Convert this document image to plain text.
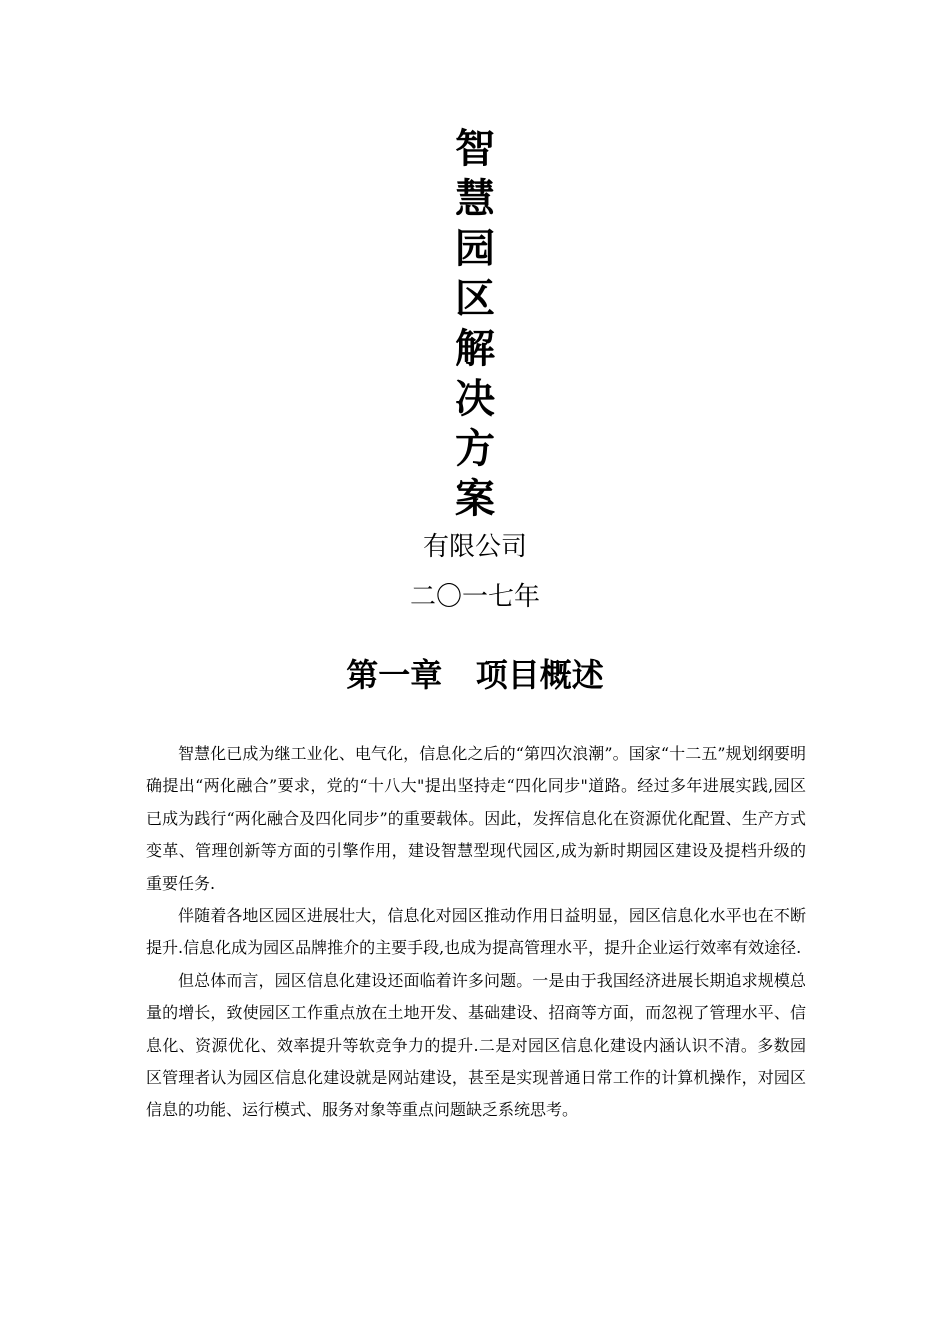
智
慧
园
区
解
决
方
案
有限公司
二〇一七年
第一章   项目概述

智慧化已成为继工业化、电气化，信息化之后的“第四次浪潮”。国家“十二五”规划纲要明确提出“两化融合”要求，党的“十八大"提出坚持走“四化同步"道路。经过多年进展实践,园区已成为践行“两化融合及四化同步”的重要载体。因此，发挥信息化在资源优化配置、生产方式变革、管理创新等方面的引擎作用，建设智慧型现代园区,成为新时期园区建设及提档升级的重要任务.

伴随着各地区园区进展壮大，信息化对园区推动作用日益明显，园区信息化水平也在不断提升.信息化成为园区品牌推介的主要手段,也成为提高管理水平，提升企业运行效率有效途径.

但总体而言，园区信息化建设还面临着许多问题。一是由于我国经济进展长期追求规模总量的增长，致使园区工作重点放在土地开发、基础建设、招商等方面，而忽视了管理水平、信息化、资源优化、效率提升等软竞争力的提升.二是对园区信息化建设内涵认识不清。多数园区管理者认为园区信息化建设就是网站建设，甚至是实现普通日常工作的计算机操作，对园区信息的功能、运行模式、服务对象等重点问题缺乏系统思考。
